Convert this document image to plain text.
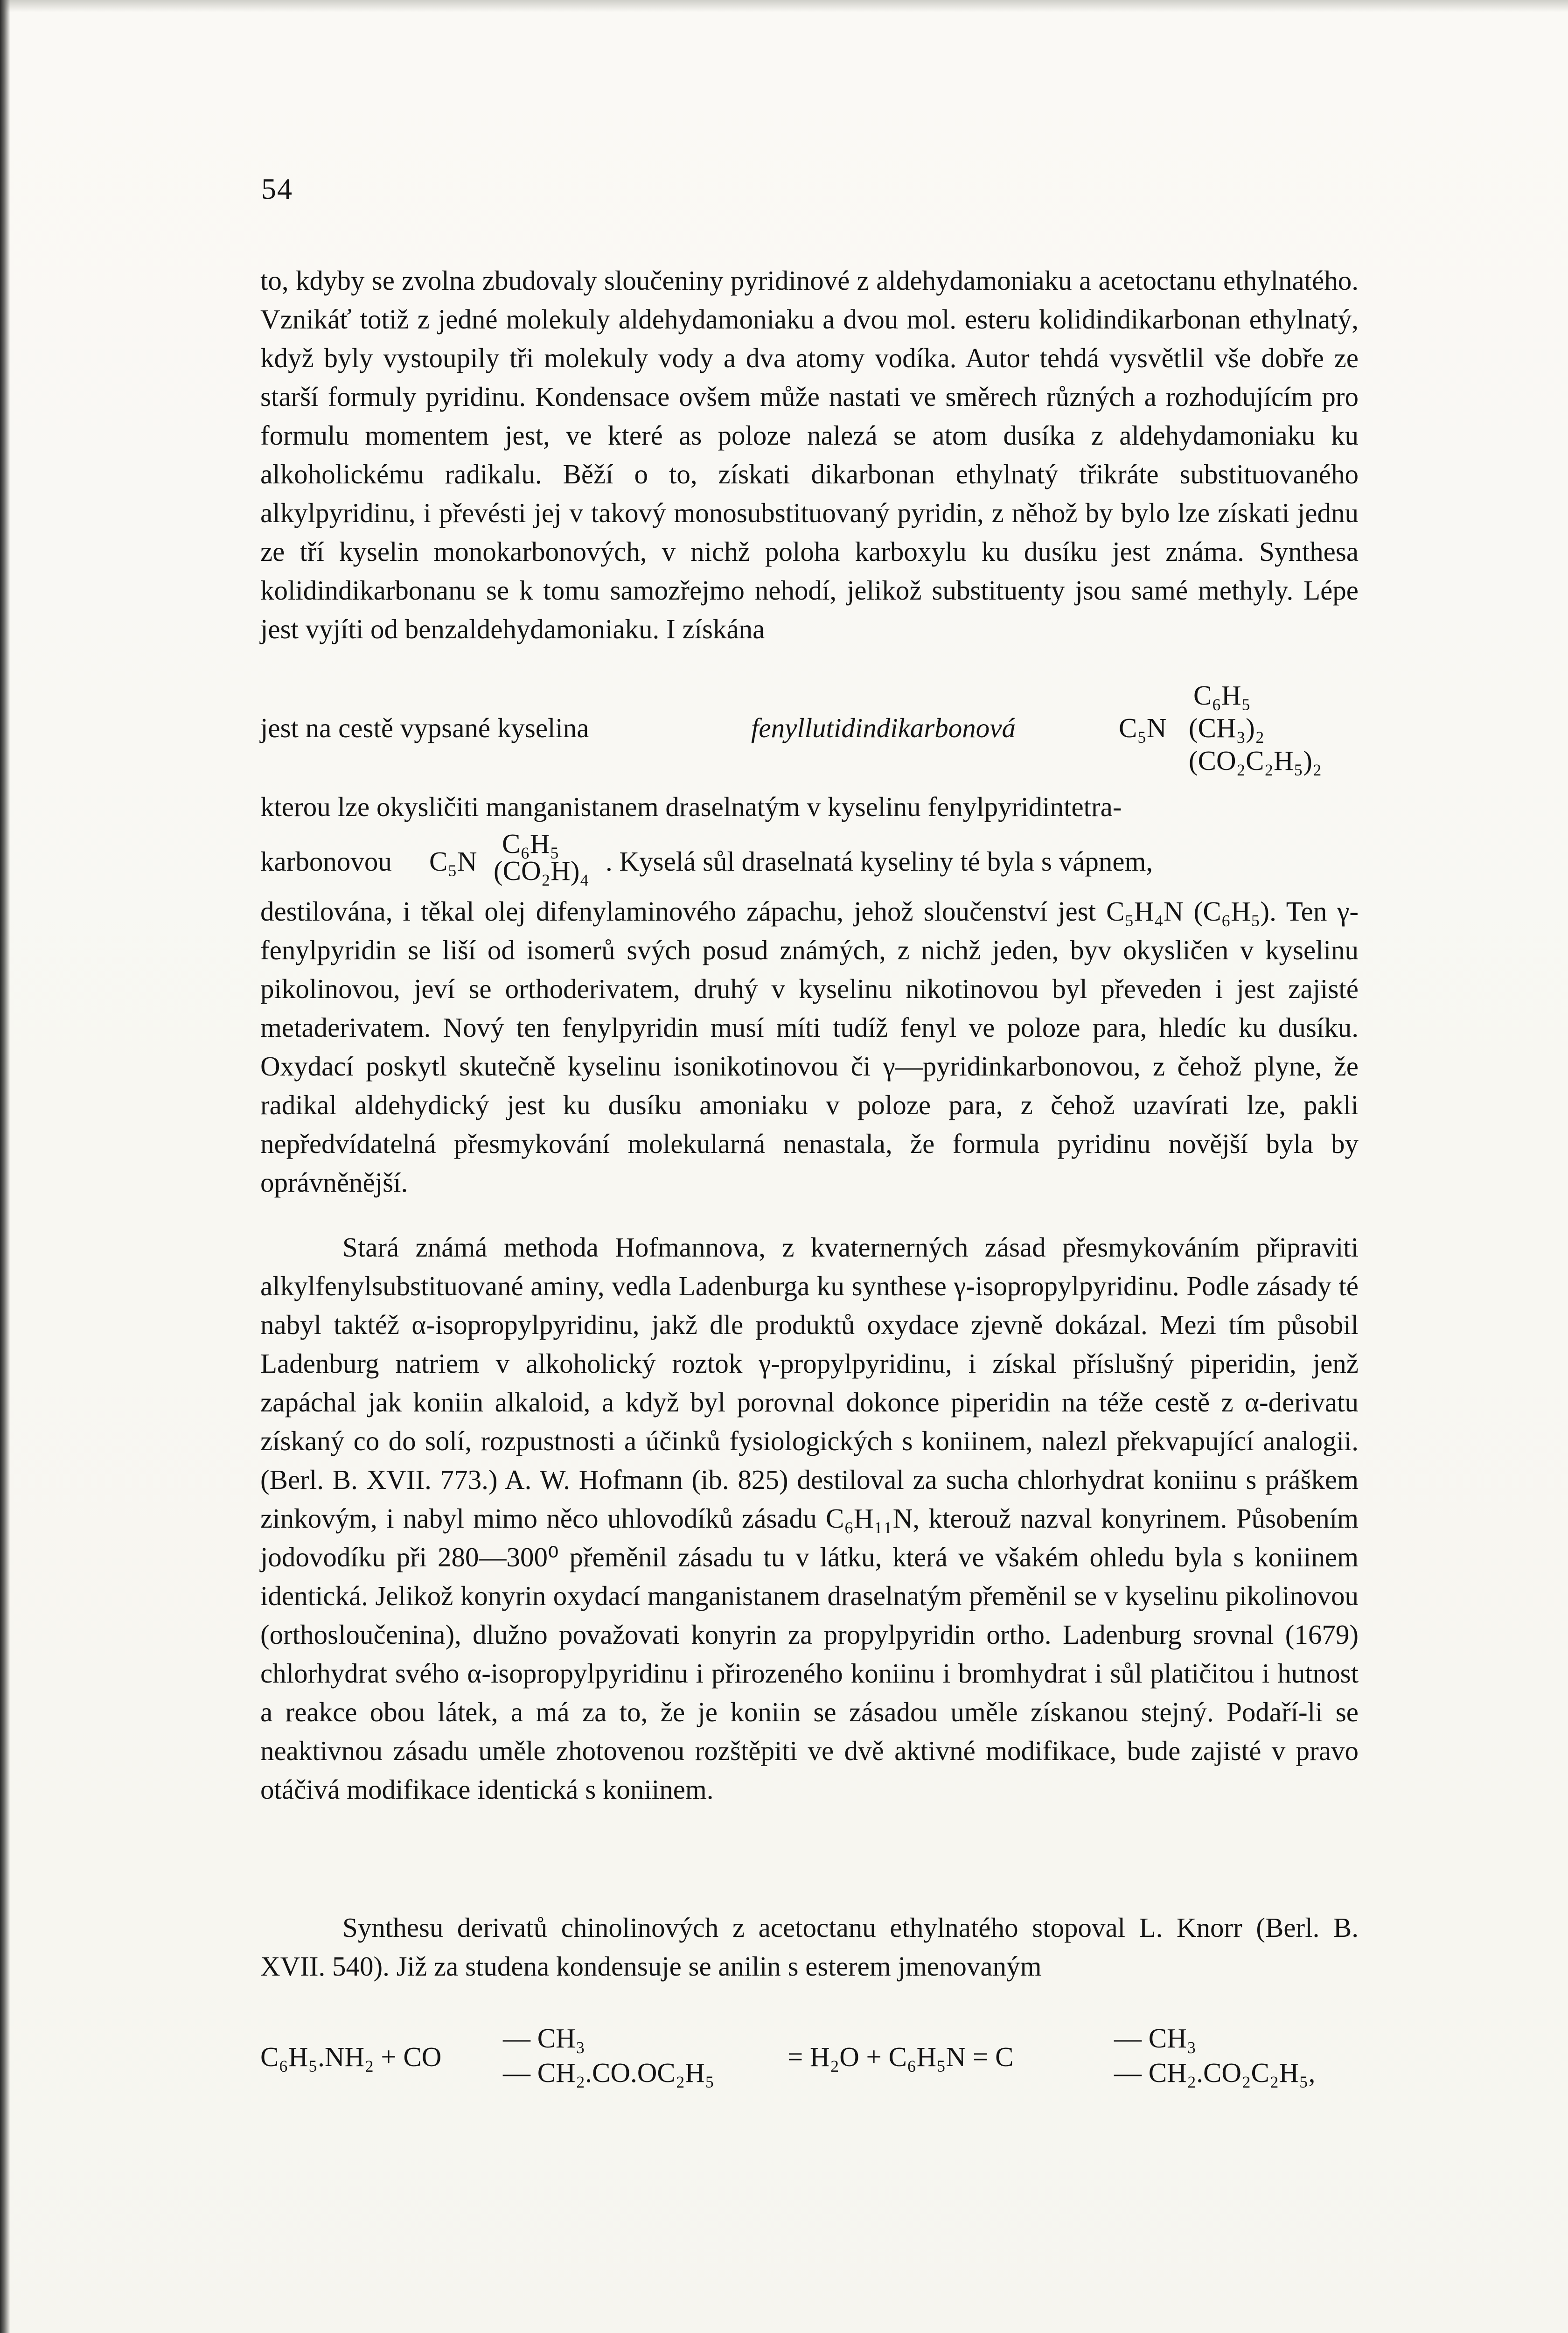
54

to, kdyby se zvolna zbudovaly sloučeniny pyridinové z aldehydamoniaku a acetoctanu ethylnatého. Vznikáť totiž z jedné molekuly aldehydamoniaku a dvou mol. esteru kolidindikarbonan ethylnatý, když byly vystoupily tři molekuly vody a dva atomy vodíka. Autor tehdá vysvětlil vše dobře ze starší formuly pyridinu. Kondensace ovšem může nastati ve směrech různých a rozhodujícím pro formulu momentem jest, ve které as poloze nalezá se atom dusíka z aldehydamoniaku ku alkoholickému radikalu. Běží o to, získati dikarbonan ethylnatý třikráte substituovaného alkylpyridinu, i převésti jej v takový monosubstituovaný pyridin, z něhož by bylo lze získati jednu ze tří kyselin monokarbonových, v nichž poloha karboxylu ku dusíku jest známa. Synthesa kolidindikarbonanu se k tomu samozřejmo nehodí, jelikož substituenty jsou samé methyly. Lépe jest vyjíti od benzaldehydamoniaku. I získána

jest na cestě vypsané kyselina	fenyllutidindikarbonová	C₅N
C₆H₅
(CH₃)₂
(CO₂C₂H₅)₂

kterou lze okysličiti manganistanem draselnatým v kyselinu fenylpyridintetra-

karbonovou C₅N
C₆H₅
(CO₂H)₄ . Kyselá sůl draselnatá kyseliny té byla s vápnem,

destilována, i těkal olej difenylaminového zápachu, jehož sloučenství jest C₅H₄N (C₆H₅). Ten γ-fenylpyridin se liší od isomerů svých posud známých, z nichž jeden, byv okysličen v kyselinu pikolinovou, jeví se orthoderivatem, druhý v kyselinu nikotinovou byl převeden i jest zajisté metaderivatem. Nový ten fenylpyridin musí míti tudíž fenyl ve poloze para, hledíc ku dusíku. Oxydací poskytl skutečně kyselinu isonikotinovou či γ—pyridinkarbonovou, z čehož plyne, že radikal aldehydický jest ku dusíku amoniaku v poloze para, z čehož uzavírati lze, pakli nepředvídatelná přesmykování molekularná nenastala, že formula pyridinu novější byla by oprávněnější.

Stará známá methoda Hofmannova, z kvaternerných zásad přesmykováním připraviti alkylfenylsubstituované aminy, vedla Ladenburga ku synthese γ-isopropylpyridinu. Podle zásady té nabyl taktéž α-isopropylpyridinu, jakž dle produktů oxydace zjevně dokázal. Mezi tím působil Ladenburg natriem v alkoholický roztok γ-propylpyridinu, i získal příslušný piperidin, jenž zapáchal jak koniin alkaloid, a když byl porovnal dokonce piperidin na téže cestě z α-derivatu získaný co do solí, rozpustnosti a účinků fysiologických s koniinem, nalezl překvapující analogii. (Berl. B. XVII. 773.) A. W. Hofmann (ib. 825) destiloval za sucha chlorhydrat koniinu s práškem zinkovým, i nabyl mimo něco uhlovodíků zásadu C₆H₁₁N, kterouž nazval konyrinem. Působením jodovodíku při 280—300⁰ přeměnil zásadu tu v látku, která ve všakém ohledu byla s koniinem identická. Jelikož konyrin oxydací manganistanem draselnatým přeměnil se v kyselinu pikolinovou (orthosloučenina), dlužno považovati konyrin za propylpyridin ortho. Ladenburg srovnal (1679) chlorhydrat svého α-isopropylpyridinu i přirozeného koniinu i bromhydrat i sůl platičitou i hutnost a reakce obou látek, a má za to, že je koniin se zásadou uměle získanou stejný. Podaří-li se neaktivnou zásadu uměle zhotovenou rozštěpiti ve dvě aktivné modifikace, bude zajisté v pravo otáčivá modifikace identická s koniinem.

Synthesu derivatů chinolinových z acetoctanu ethylnatého stopoval L. Knorr (Berl. B. XVII. 540). Již za studena kondensuje se anilin s esterem jmenovaným

C₆H₅.NH₂ + CO
— CH₃
— CH₂.CO.OC₂H₅
= H₂O + C₆H₅N = C
— CH₃
— CH₂.CO₂C₂H₅,
